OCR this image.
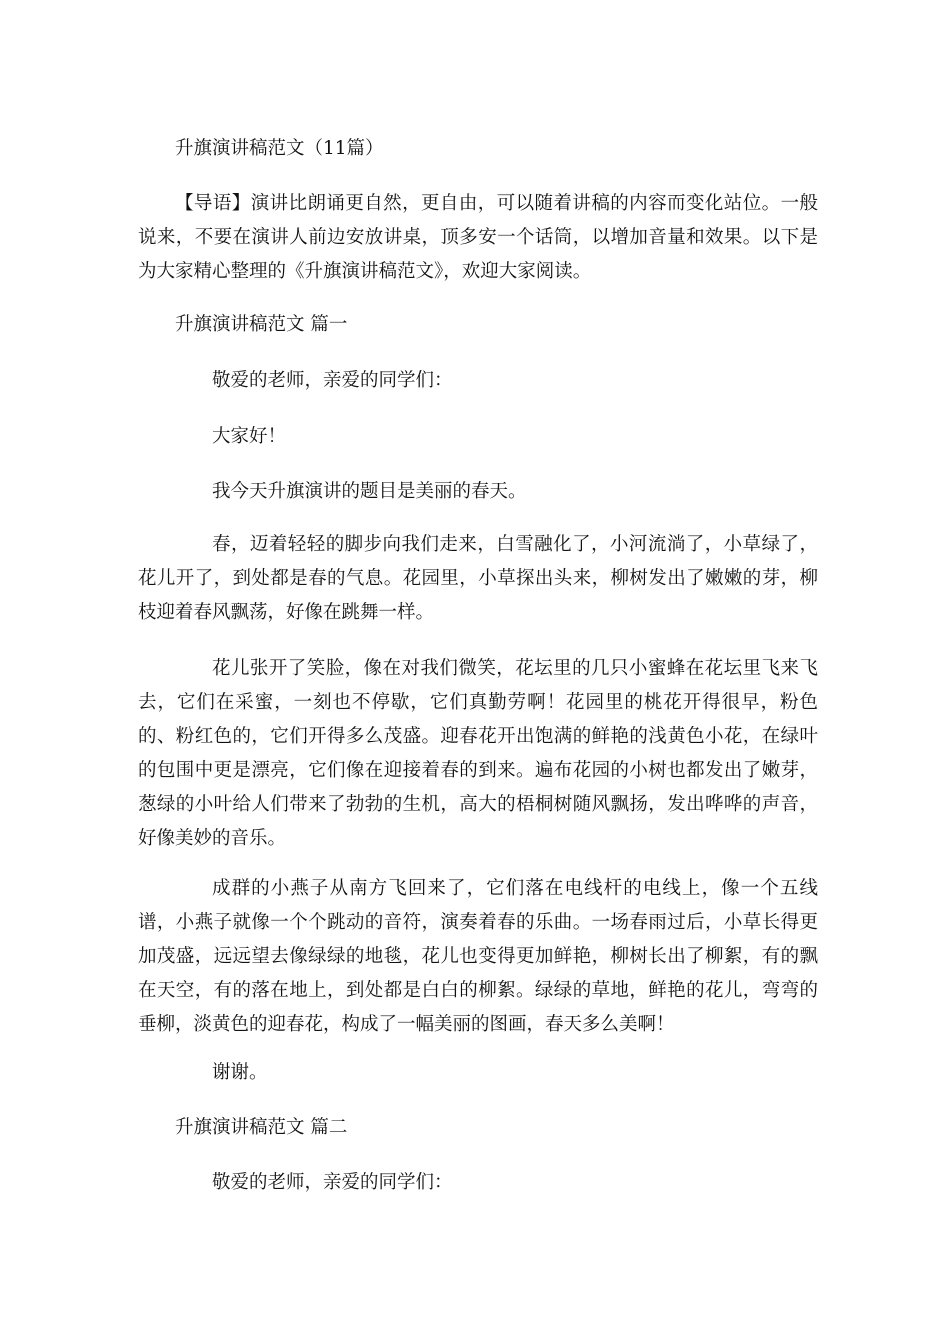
升旗演讲稿范文（11篇）
【导语】演讲比朗诵更自然，更自由，可以随着讲稿的内容而变化站位。一般说来，不要在演讲人前边安放讲桌，顶多安一个话筒，以增加音量和效果。以下是为大家精心整理的《升旗演讲稿范文》，欢迎大家阅读。
升旗演讲稿范文 篇一
敬爱的老师，亲爱的同学们：
大家好！
我今天升旗演讲的题目是美丽的春天。
春，迈着轻轻的脚步向我们走来，白雪融化了，小河流淌了，小草绿了，花儿开了，到处都是春的气息。花园里，小草探出头来，柳树发出了嫩嫩的芽，柳枝迎着春风飘荡，好像在跳舞一样。
花儿张开了笑脸，像在对我们微笑，花坛里的几只小蜜蜂在花坛里飞来飞去，它们在采蜜，一刻也不停歇，它们真勤劳啊！花园里的桃花开得很早，粉色的、粉红色的，它们开得多么茂盛。迎春花开出饱满的鲜艳的浅黄色小花，在绿叶的包围中更是漂亮，它们像在迎接着春的到来。遍布花园的小树也都发出了嫩芽，葱绿的小叶给人们带来了勃勃的生机，高大的梧桐树随风飘扬，发出哗哗的声音，好像美妙的音乐。
成群的小燕子从南方飞回来了，它们落在电线杆的电线上，像一个五线谱，小燕子就像一个个跳动的音符，演奏着春的乐曲。一场春雨过后，小草长得更加茂盛，远远望去像绿绿的地毯，花儿也变得更加鲜艳，柳树长出了柳絮，有的飘在天空，有的落在地上，到处都是白白的柳絮。绿绿的草地，鲜艳的花儿，弯弯的垂柳，淡黄色的迎春花，构成了一幅美丽的图画，春天多么美啊！
谢谢。
升旗演讲稿范文 篇二
敬爱的老师，亲爱的同学们：
